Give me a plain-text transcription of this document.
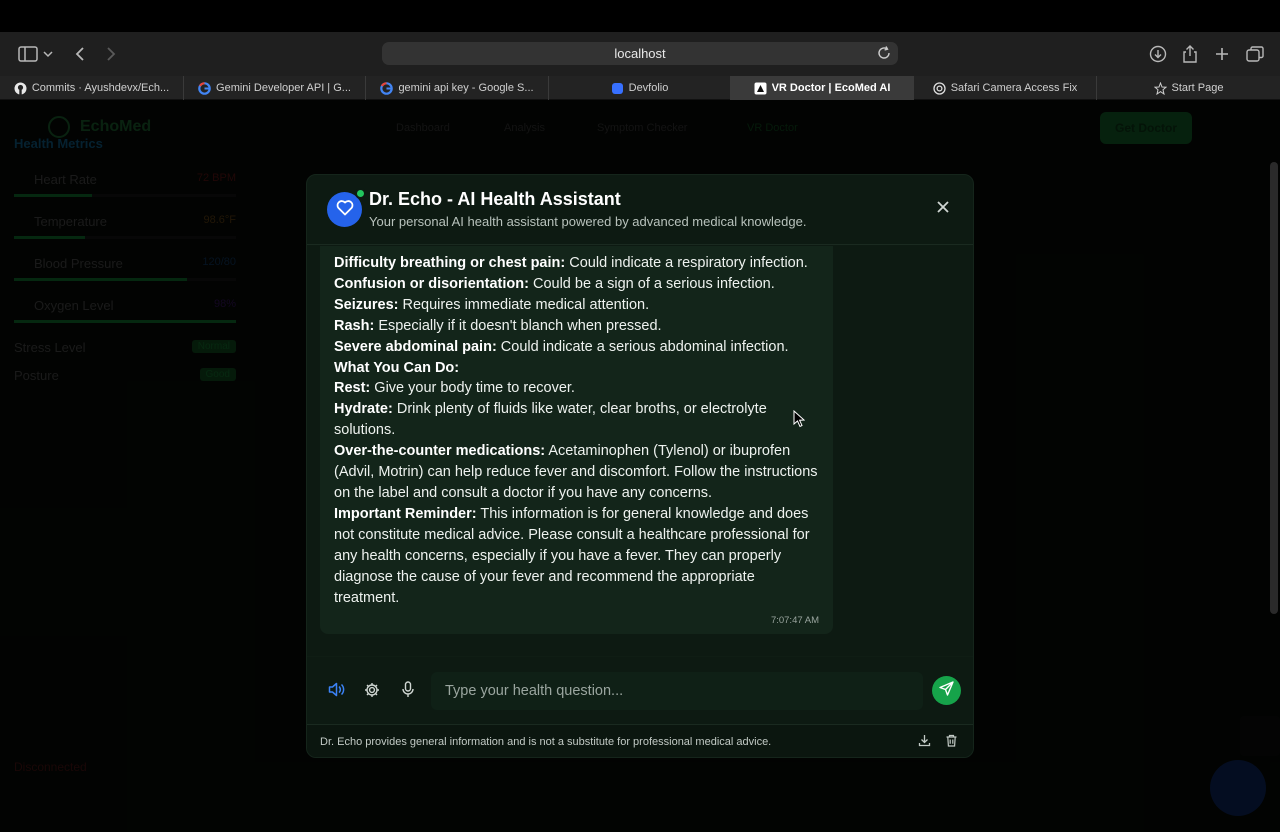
localhost
Commits · Ayushdevx/Ech...	Gemini Developer API | G...	gemini api key - Google S...	Devfolio	VR Doctor | EcoMed AI	Safari Camera Access Fix	Start Page
Dr. Echo - AI Health Assistant
Your personal AI health assistant powered by advanced medical knowledge.

Difficulty breathing or chest pain: Could indicate a respiratory infection.

Confusion or disorientation: Could be a sign of a serious infection.

Seizures: Requires immediate medical attention.

Rash: Especially if it doesn't blanch when pressed.

Severe abdominal pain: Could indicate a serious abdominal infection.

What You Can Do:

Rest: Give your body time to recover.

Hydrate: Drink plenty of fluids like water, clear broths, or electrolyte solutions.

Over-the-counter medications: Acetaminophen (Tylenol) or ibuprofen (Advil, Motrin) can help reduce fever and discomfort. Follow the instructions on the label and consult a doctor if you have any concerns.

Important Reminder: This information is for general knowledge and does not constitute medical advice. Please consult a healthcare professional for any health concerns, especially if you have a fever. They can properly diagnose the cause of your fever and recommend the appropriate treatment.

7:07:47 AM
Type your health question...
Dr. Echo provides general information and is not a substitute for professional medical advice.
